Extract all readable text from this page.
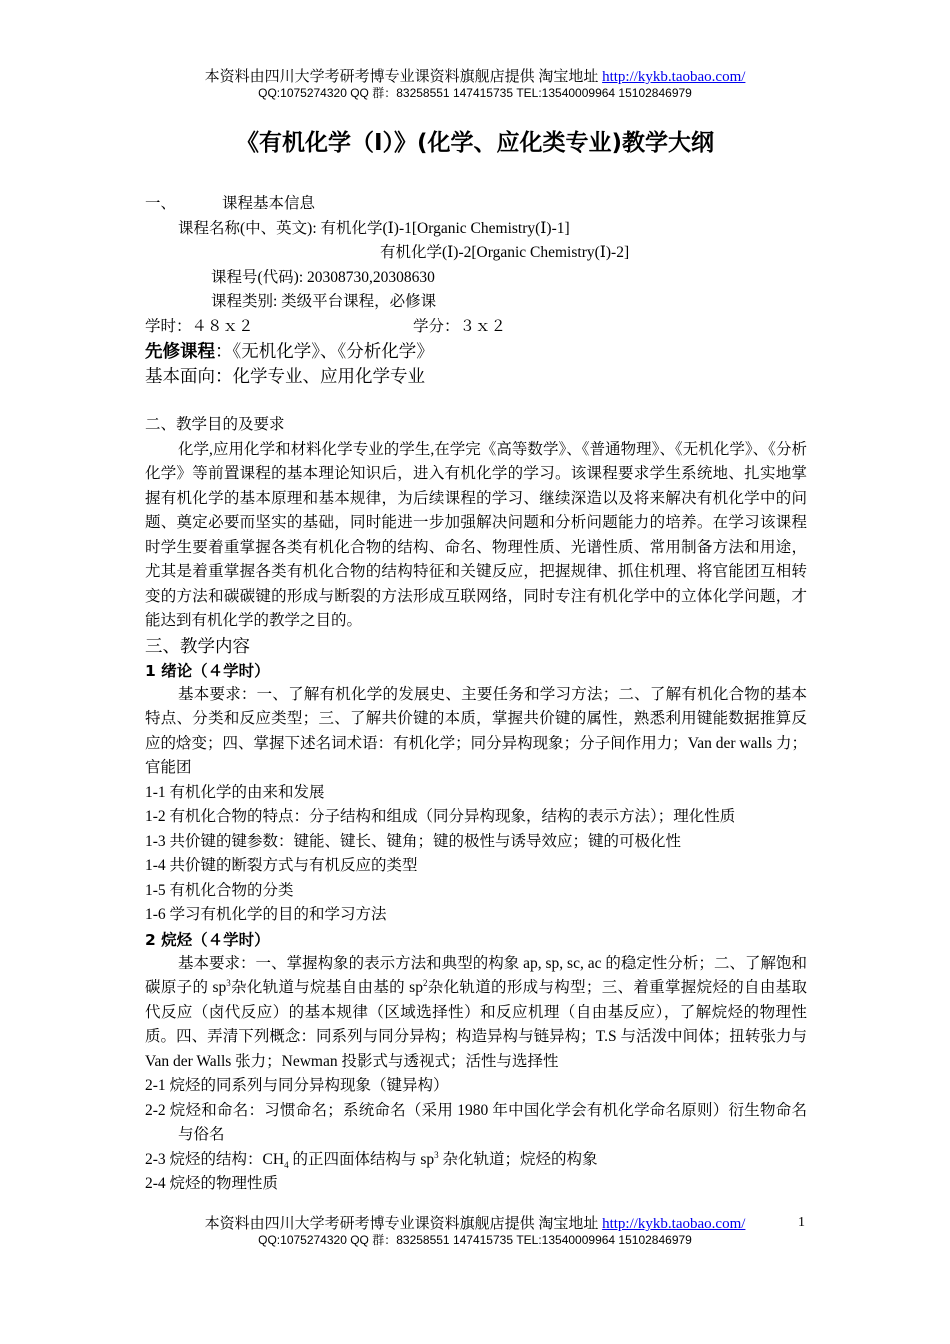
本资料由四川大学考研考博专业课资料旗舰店提供 淘宝地址 http://kykb.taobao.com/
QQ:1075274320 QQ 群：83258551 147415735 TEL:13540009964 15102846979
《有机化学（I）》(化学、应化类专业)教学大纲
一、	课程基本信息
课程名称(中、英文): 有机化学(Ⅰ)-1[Organic Chemistry(Ⅰ)-1]
有机化学(Ⅰ)-2[Organic Chemistry(Ⅰ)-2]
课程号(代码): 20308730,20308630
课程类别: 类级平台课程，必修课
学时：４８ｘ２	学分：３ｘ２
先修课程：《无机化学》、《分析化学》
基本面向：化学专业、应用化学专业
二、教学目的及要求

化学,应用化学和材料化学专业的学生,在学完《高等数学》、《普通物理》、《无机化学》、《分析化学》等前置课程的基本理论知识后，进入有机化学的学习。该课程要求学生系统地、扎实地掌握有机化学的基本原理和基本规律，为后续课程的学习、继续深造以及将来解决有机化学中的问题、奠定必要而坚实的基础，同时能进一步加强解决问题和分析问题能力的培养。在学习该课程时学生要着重掌握各类有机化合物的结构、命名、物理性质、光谱性质、常用制备方法和用途，尤其是着重掌握各类有机化合物的结构特征和关键反应，把握规律、抓住机理、将官能团互相转变的方法和碳碳键的形成与断裂的方法形成互联网络，同时专注有机化学中的立体化学问题，才能达到有机化学的教学之目的。

三、教学内容
1 绪论（４学时）

基本要求：一、了解有机化学的发展史、主要任务和学习方法；二、了解有机化合物的基本特点、分类和反应类型；三、了解共价键的本质，掌握共价键的属性，熟悉利用键能数据推算反应的焓变；四、掌握下述名词术语：有机化学；同分异构现象；分子间作用力；Van der walls 力；官能团

1-1 有机化学的由来和发展
1-2 有机化合物的特点：分子结构和组成（同分异构现象，结构的表示方法）；理化性质
1-3 共价键的键参数：键能、键长、键角；键的极性与诱导效应；键的可极化性
1-4 共价键的断裂方式与有机反应的类型
1-5 有机化合物的分类
1-6 学习有机化学的目的和学习方法
2 烷烃（４学时）

基本要求：一、掌握构象的表示方法和典型的构象 ap, sp, sc, ac 的稳定性分析；二、了解饱和碳原子的 $sp^3$杂化轨道与烷基自由基的 $sp^2$杂化轨道的形成与构型；三、着重掌握烷烃的自由基取代反应（卤代反应）的基本规律（区域选择性）和反应机理（自由基反应），了解烷烃的物理性质。四、弄清下列概念：同系列与同分异构；构造异构与链异构；T.S 与活泼中间体；扭转张力与 Van der Walls 张力；Newman 投影式与透视式；活性与选择性

2-1 烷烃的同系列与同分异构现象（键异构）

2-2 烷烃和命名：习惯命名；系统命名（采用 1980 年中国化学会有机化学命名原则）衍生物命名与俗名

2-3 烷烃的结构：$CH_4$ 的正四面体结构与 $sp^3$ 杂化轨道；烷烃的构象
2-4 烷烃的物理性质
本资料由四川大学考研考博专业课资料旗舰店提供 淘宝地址 http://kykb.taobao.com/
QQ:1075274320 QQ 群：83258551 147415735 TEL:13540009964 15102846979
1
